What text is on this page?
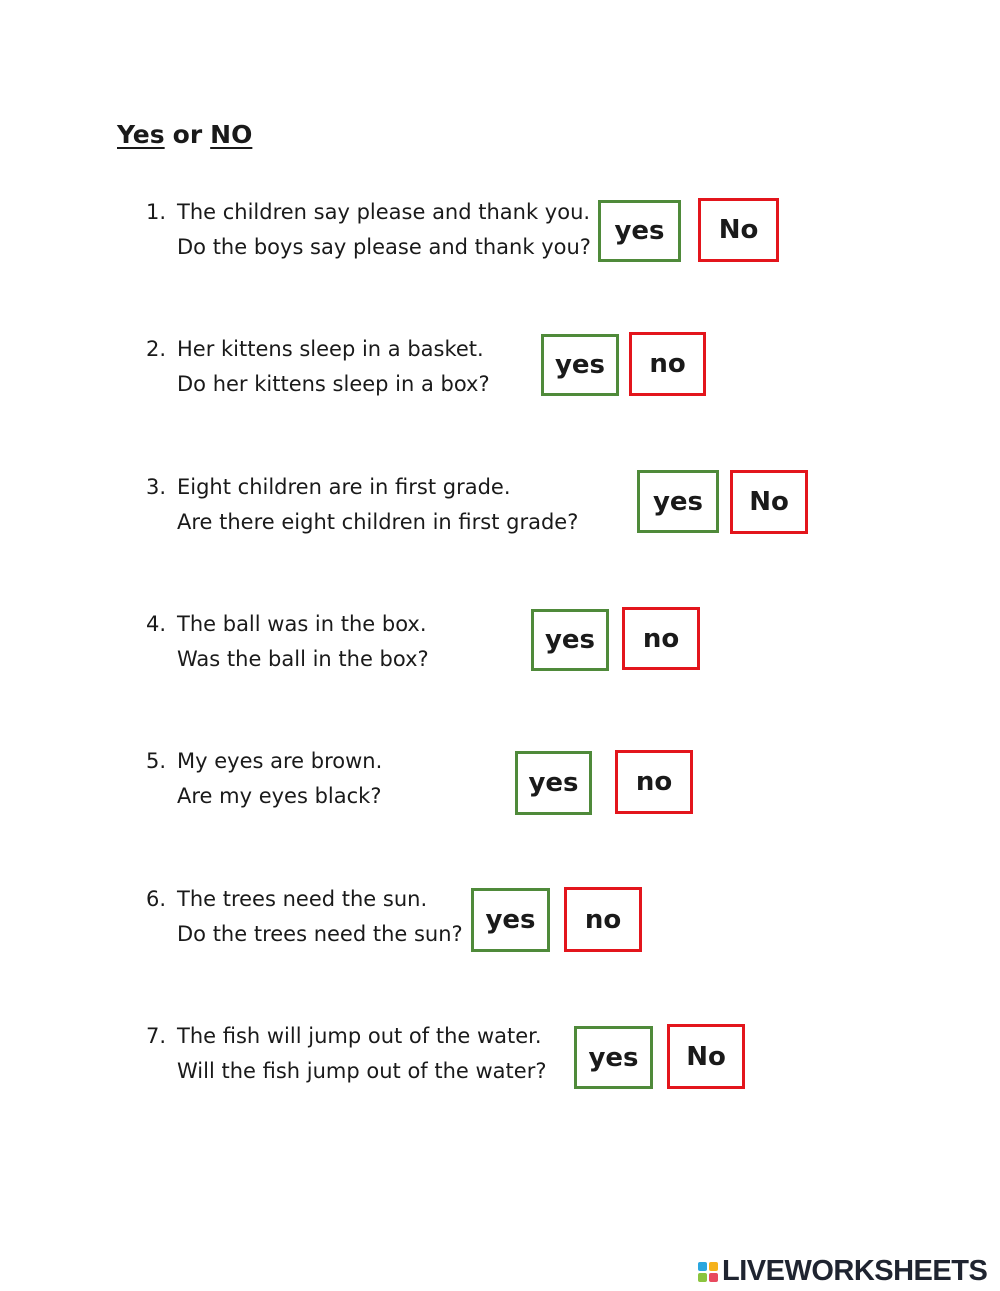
Yes or NO
1. The children say please and thank you.
Do the boys say please and thank you?
yes	No
2. Her kittens sleep in a basket.
Do her kittens sleep in a box?
yes	no
3. Eight children are in first grade.
Are there eight children in first grade?
yes	No
4. The ball was in the box.
Was the ball in the box?
yes	no
5. My eyes are brown.
Are my eyes black?	yes	no
6. The trees need the sun.
Do the trees need the sun? yes	no
7. The fish will jump out of the water.
Will the fish jump out of the water?	yes	No
LIVEWORKSHEETS
